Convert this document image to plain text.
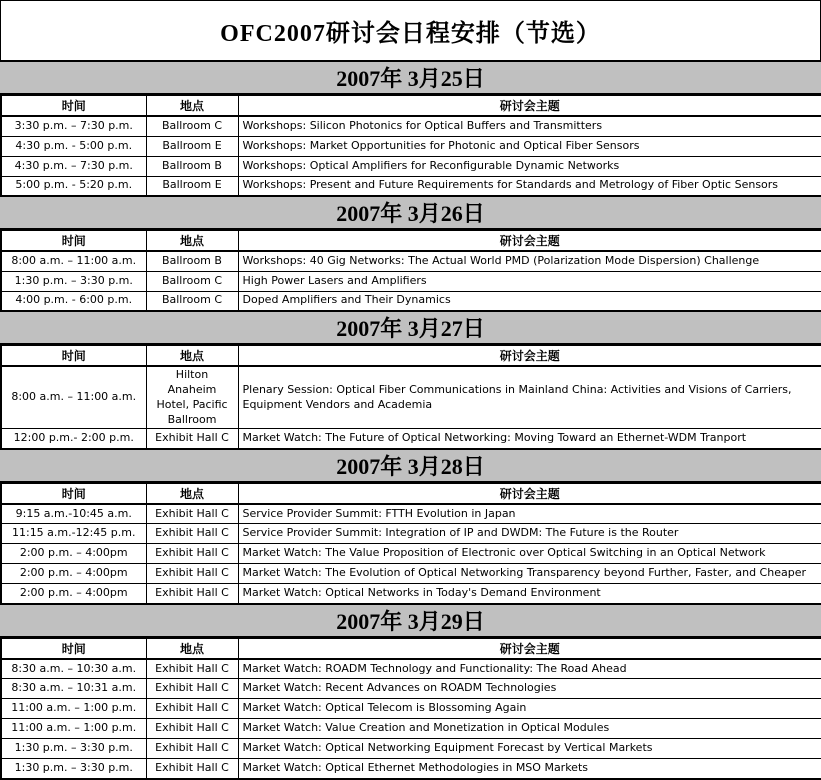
OFC2007研讨会日程安排（节选）
2007年 3月25日
时间	地点	研讨会主题
3:30 p.m. – 7:30 p.m.	Ballroom C	Workshops: Silicon Photonics for Optical Buffers and Transmitters
4:30 p.m. - 5:00 p.m.	Ballroom E	Workshops: Market Opportunities for Photonic and Optical Fiber Sensors
4:30 p.m. – 7:30 p.m.	Ballroom B	Workshops: Optical Amplifiers for Reconfigurable Dynamic Networks
5:00 p.m. - 5:20 p.m.	Ballroom E	Workshops: Present and Future Requirements for Standards and Metrology of Fiber Optic Sensors
2007年 3月26日
时间	地点	研讨会主题
8:00 a.m. – 11:00 a.m.	Ballroom B	Workshops: 40 Gig Networks: The Actual World PMD (Polarization Mode Dispersion) Challenge
1:30 p.m. – 3:30 p.m.	Ballroom C	High Power Lasers and Amplifiers
4:00 p.m. - 6:00 p.m.	Ballroom C	Doped Amplifiers and Their Dynamics
2007年 3月27日
时间	地点	研讨会主题
8:00 a.m. – 11:00 a.m.	Hilton Anaheim Hotel, Pacific Ballroom	Plenary Session: Optical Fiber Communications in Mainland China: Activities and Visions of Carriers, Equipment Vendors and Academia
12:00 p.m.- 2:00 p.m.	Exhibit Hall C	Market Watch: The Future of Optical Networking: Moving Toward an Ethernet-WDM Tranport
2007年 3月28日
时间	地点	研讨会主题
9:15 a.m.-10:45 a.m.	Exhibit Hall C	Service Provider Summit: FTTH Evolution in Japan
11:15 a.m.-12:45 p.m.	Exhibit Hall C	Service Provider Summit: Integration of IP and DWDM: The Future is the Router
2:00 p.m. – 4:00pm	Exhibit Hall C	Market Watch: The Value Proposition of Electronic over Optical Switching in an Optical Network
2:00 p.m. – 4:00pm	Exhibit Hall C	Market Watch: The Evolution of Optical Networking Transparency beyond Further, Faster, and Cheaper
2:00 p.m. – 4:00pm	Exhibit Hall C	Market Watch: Optical Networks in Today's Demand Environment
2007年 3月29日
时间	地点	研讨会主题
8:30 a.m. – 10:30 a.m.	Exhibit Hall C	Market Watch: ROADM Technology and Functionality: The Road Ahead
8:30 a.m. – 10:31 a.m.	Exhibit Hall C	Market Watch: Recent Advances on ROADM Technologies
11:00 a.m. – 1:00 p.m.	Exhibit Hall C	Market Watch: Optical Telecom is Blossoming Again
11:00 a.m. – 1:00 p.m.	Exhibit Hall C	Market Watch: Value Creation and Monetization in Optical Modules
1:30 p.m. – 3:30 p.m.	Exhibit Hall C	Market Watch: Optical Networking Equipment Forecast by Vertical Markets
1:30 p.m. – 3:30 p.m.	Exhibit Hall C	Market Watch: Optical Ethernet Methodologies in MSO Markets
